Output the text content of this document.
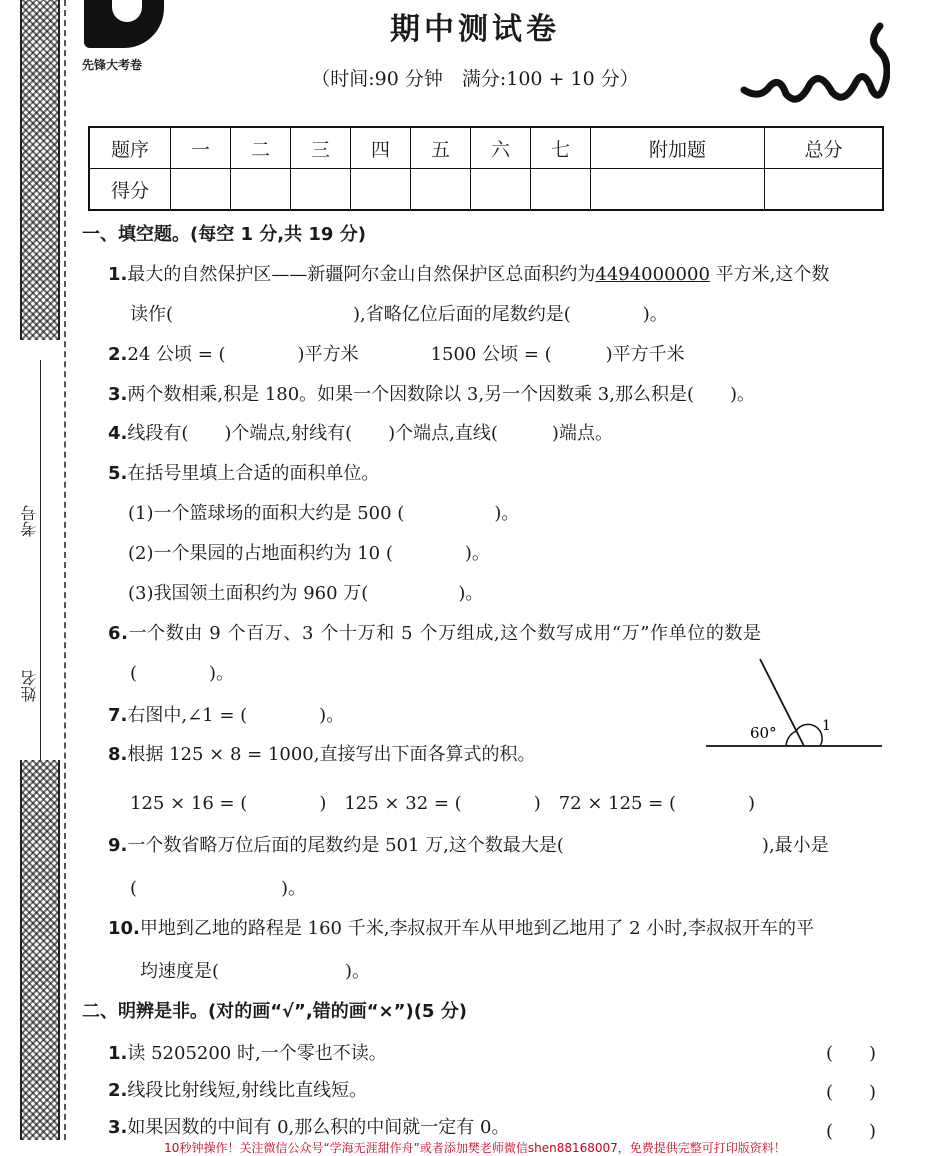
姓名
考号
先锋大考卷
期中测试卷
（时间:90 分钟　满分:100 + 10 分）
题序	一	二	三	四	五	六	七	附加题	总分
得分									
一、填空题。(每空 1 分,共 19 分)
1.最大的自然保护区——新疆阿尔金山自然保护区总面积约为4494000000 平方米,这个数
读作(　　　　　　　　　　),省略亿位后面的尾数约是(　　　　)。
2.24 公顷 = (　　　　)平方米　　　　1500 公顷 = (　　　)平方千米
3.两个数相乘,积是 180。如果一个因数除以 3,另一个因数乘 3,那么积是(　　)。
4.线段有(　　)个端点,射线有(　　)个端点,直线(　　　)端点。
5.在括号里填上合适的面积单位。
(1)一个篮球场的面积大约是 500 (　　　　　)。
(2)一个果园的占地面积约为 10 (　　　　)。
(3)我国领土面积约为 960 万(　　　　　)。
6.一个数由 9 个百万、3 个十万和 5 个万组成,这个数写成用“万”作单位的数是
(　　　　)。
7.右图中,∠1 = (　　　　)。
60°	1
8.根据 125 × 8 = 1000,直接写出下面各算式的积。
125 × 16 = (　　　　)　125 × 32 = (　　　　)　72 × 125 = (　　　　)
9.一个数省略万位后面的尾数约是 501 万,这个数最大是(　　　　　　　　　　　),最小是
(　　　　　　　　)。
10.甲地到乙地的路程是 160 千米,李叔叔开车从甲地到乙地用了 2 小时,李叔叔开车的平
均速度是(　　　　　　　)。
二、明辨是非。(对的画“√”,错的画“×”)(5 分)
1.读 5205200 时,一个零也不读。	(　　)
2.线段比射线短,射线比直线短。	(　　)
3.如果因数的中间有 0,那么积的中间就一定有 0。	(　　)
10秒钟操作！关注微信公众号“学海无涯甜作舟”或者添加樊老师微信shen88168007，免费提供完整可打印版资料！
